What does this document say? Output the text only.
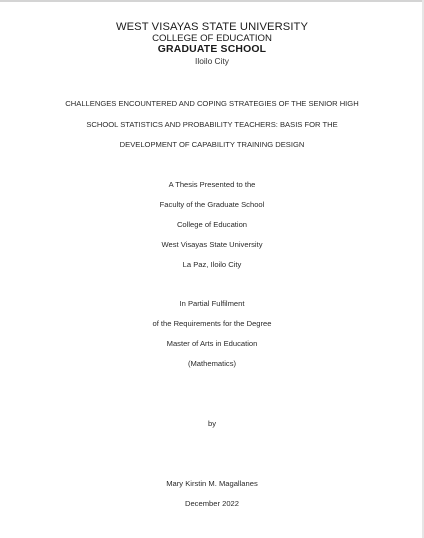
WEST VISAYAS STATE UNIVERSITY
COLLEGE OF EDUCATION
GRADUATE SCHOOL
Iloilo City
CHALLENGES ENCOUNTERED AND COPING STRATEGIES OF THE SENIOR HIGH
SCHOOL STATISTICS AND PROBABILITY TEACHERS: BASIS FOR THE
DEVELOPMENT OF CAPABILITY TRAINING DESIGN
A Thesis Presented to the
Faculty of the Graduate School
College of Education
West Visayas State University
La Paz, Iloilo City
In Partial Fulfilment
of the Requirements for the Degree
Master of Arts in Education
(Mathematics)
by
Mary Kirstin M. Magallanes
December 2022
